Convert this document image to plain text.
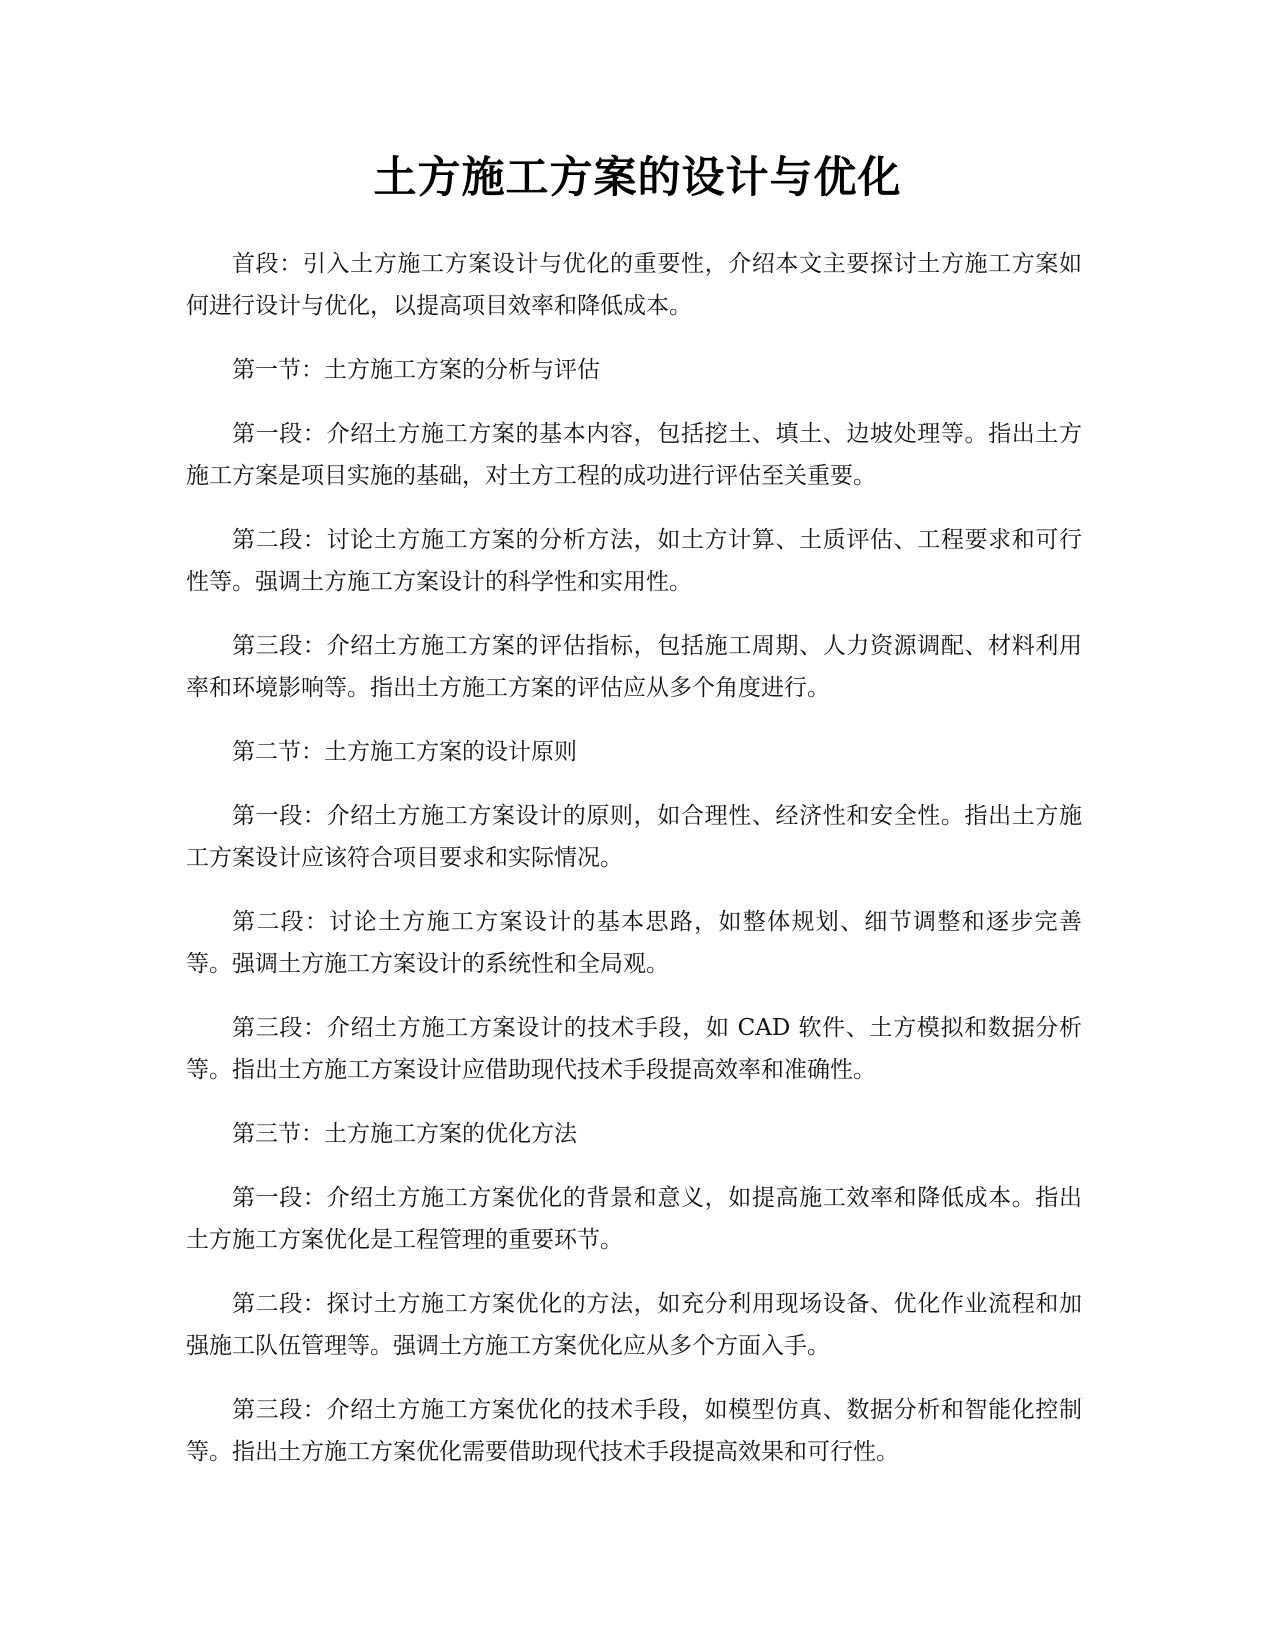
土方施工方案的设计与优化

首段：引入土方施工方案设计与优化的重要性，介绍本文主要探讨土方施工方案如何进行设计与优化，以提高项目效率和降低成本。

第一节：土方施工方案的分析与评估

第一段：介绍土方施工方案的基本内容，包括挖土、填土、边坡处理等。指出土方施工方案是项目实施的基础，对土方工程的成功进行评估至关重要。

第二段：讨论土方施工方案的分析方法，如土方计算、土质评估、工程要求和可行性等。强调土方施工方案设计的科学性和实用性。

第三段：介绍土方施工方案的评估指标，包括施工周期、人力资源调配、材料利用率和环境影响等。指出土方施工方案的评估应从多个角度进行。

第二节：土方施工方案的设计原则

第一段：介绍土方施工方案设计的原则，如合理性、经济性和安全性。指出土方施工方案设计应该符合项目要求和实际情况。

第二段：讨论土方施工方案设计的基本思路，如整体规划、细节调整和逐步完善等。强调土方施工方案设计的系统性和全局观。

第三段：介绍土方施工方案设计的技术手段，如 CAD 软件、土方模拟和数据分析等。指出土方施工方案设计应借助现代技术手段提高效率和准确性。

第三节：土方施工方案的优化方法

第一段：介绍土方施工方案优化的背景和意义，如提高施工效率和降低成本。指出土方施工方案优化是工程管理的重要环节。

第二段：探讨土方施工方案优化的方法，如充分利用现场设备、优化作业流程和加强施工队伍管理等。强调土方施工方案优化应从多个方面入手。

第三段：介绍土方施工方案优化的技术手段，如模型仿真、数据分析和智能化控制等。指出土方施工方案优化需要借助现代技术手段提高效果和可行性。
